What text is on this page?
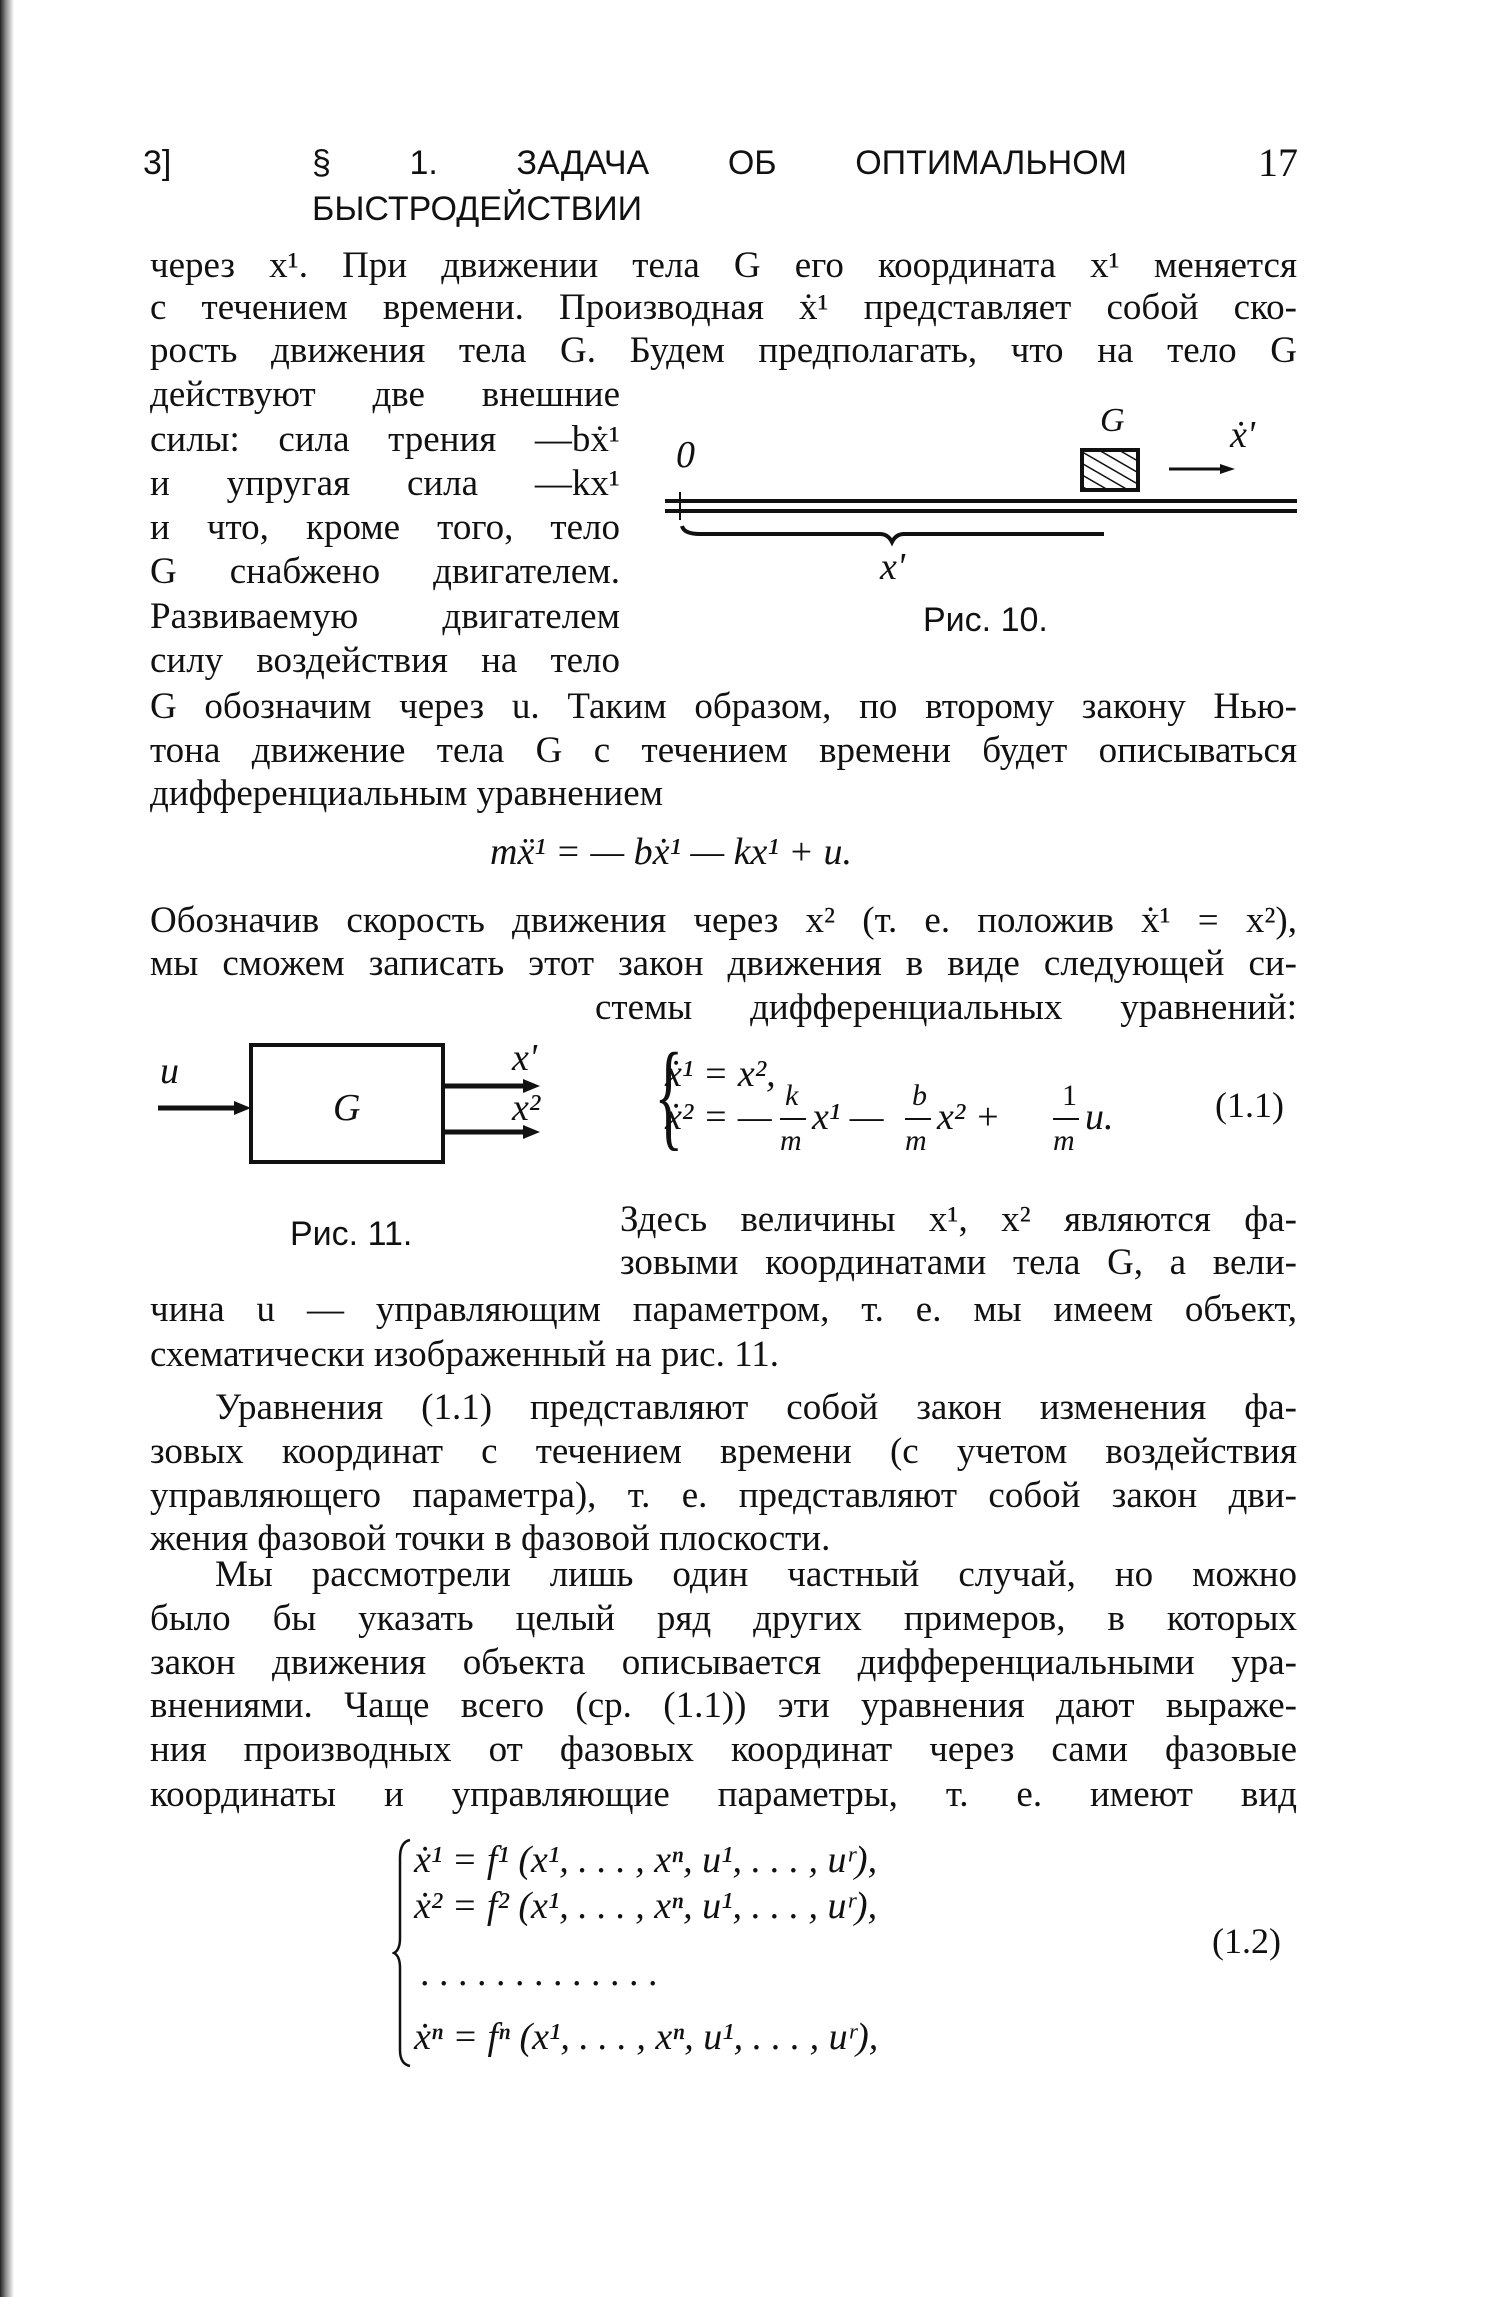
3]	§ 1. ЗАДАЧА ОБ ОПТИМАЛЬНОМ БЫСТРОДЕЙСТВИИ
17
через x¹. При движении тела G его координата x¹ меняется
с течением времени. Производная ẋ¹ представляет собой ско-
рость движения тела G. Будем предполагать, что на тело G
действуют две внешние
силы: сила трения —bẋ¹
и упругая сила —kx¹
и что, кроме того, тело
G снабжено двигателем.
Развиваемую двигателем
силу воздействия на тело
0
G	ẋ'
x'
Рис. 10.
G обозначим через u. Таким образом, по второму закону Нью-
тона движение тела G с течением времени будет описываться
дифференциальным уравнением
mẍ¹ = — bẋ¹ — kx¹ + u.
Обозначив скорость движения через x² (т. е. положив ẋ¹ = x²),
мы сможем записать этот закон движения в виде следующей си-
стемы дифференциальных уравнений:
u
G
x'
x²
Рис. 11.
{
ẋ¹ = x²,
ẋ² = —
k
m
x¹ —
b
m
x² +
1
m
u.	(1.1)
Здесь величины x¹, x² являются фа-
зовыми координатами тела G, а вели-
чина u — управляющим параметром, т. е. мы имеем объект,
схематически изображенный на рис. 11.
Уравнения (1.1) представляют собой закон изменения фа-
зовых координат с течением времени (с учетом воздействия
управляющего параметра), т. е. представляют собой закон дви-
жения фазовой точки в фазовой плоскости.
Мы рассмотрели лишь один частный случай, но можно
было бы указать целый ряд других примеров, в которых
закон движения объекта описывается дифференциальными ура-
внениями. Чаще всего (ср. (1.1)) эти уравнения дают выраже-
ния производных от фазовых координат через сами фазовые
координаты и управляющие параметры, т. е. имеют вид
ẋ¹ = f¹ (x¹, . . . , xⁿ, u¹, . . . , uʳ),
ẋ² = f² (x¹, . . . , xⁿ, u¹, . . . , uʳ),
. . . . . . . . . . . . .
ẋⁿ = fⁿ (x¹, . . . , xⁿ, u¹, . . . , uʳ),
(1.2)
